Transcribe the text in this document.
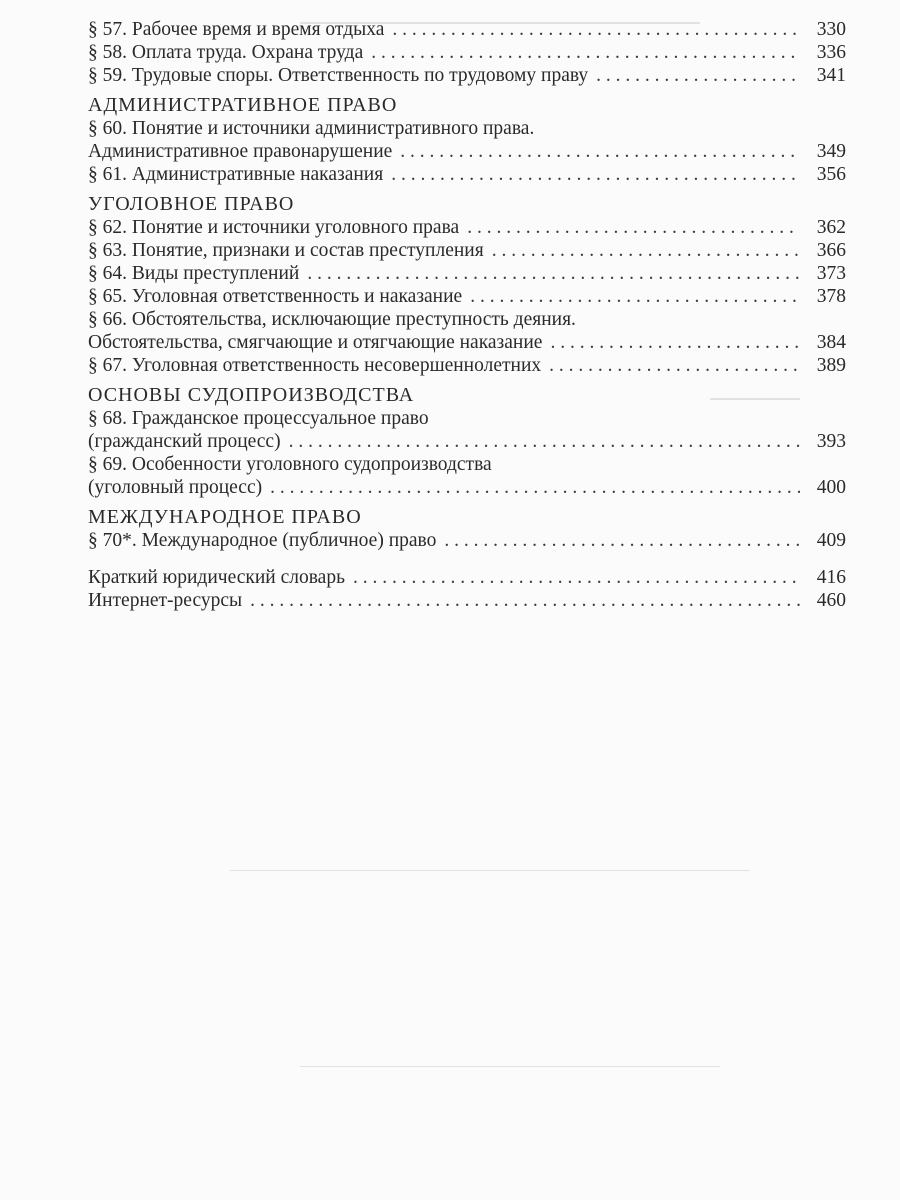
§ 57. Рабочее время и время отдыха . . .	330
§ 58. Оплата труда. Охрана труда . . .	336
§ 59. Трудовые споры. Ответственность по трудовому праву . . .	341
АДМИНИСТРАТИВНОЕ ПРАВО
§ 60. Понятие и источники административного права.
Административное правонарушение . . .	349
§ 61. Административные наказания . . .	356
УГОЛОВНОЕ ПРАВО
§ 62. Понятие и источники уголовного права . . .	362
§ 63. Понятие, признаки и состав преступления . . .	366
§ 64. Виды преступлений . . .	373
§ 65. Уголовная ответственность и наказание . . .	378
§ 66. Обстоятельства, исключающие преступность деяния.
Обстоятельства, смягчающие и отягчающие наказание . . .	384
§ 67. Уголовная ответственность несовершеннолетних . . .	389
ОСНОВЫ СУДОПРОИЗВОДСТВА
§ 68. Гражданское процессуальное право
(гражданский процесс) . . .	393
§ 69. Особенности уголовного судопроизводства
(уголовный процесс) . . .	400
МЕЖДУНАРОДНОЕ ПРАВО
§ 70*. Международное (публичное) право . . .	409
Краткий юридический словарь . . .	416
Интернет-ресурсы . . .	460
